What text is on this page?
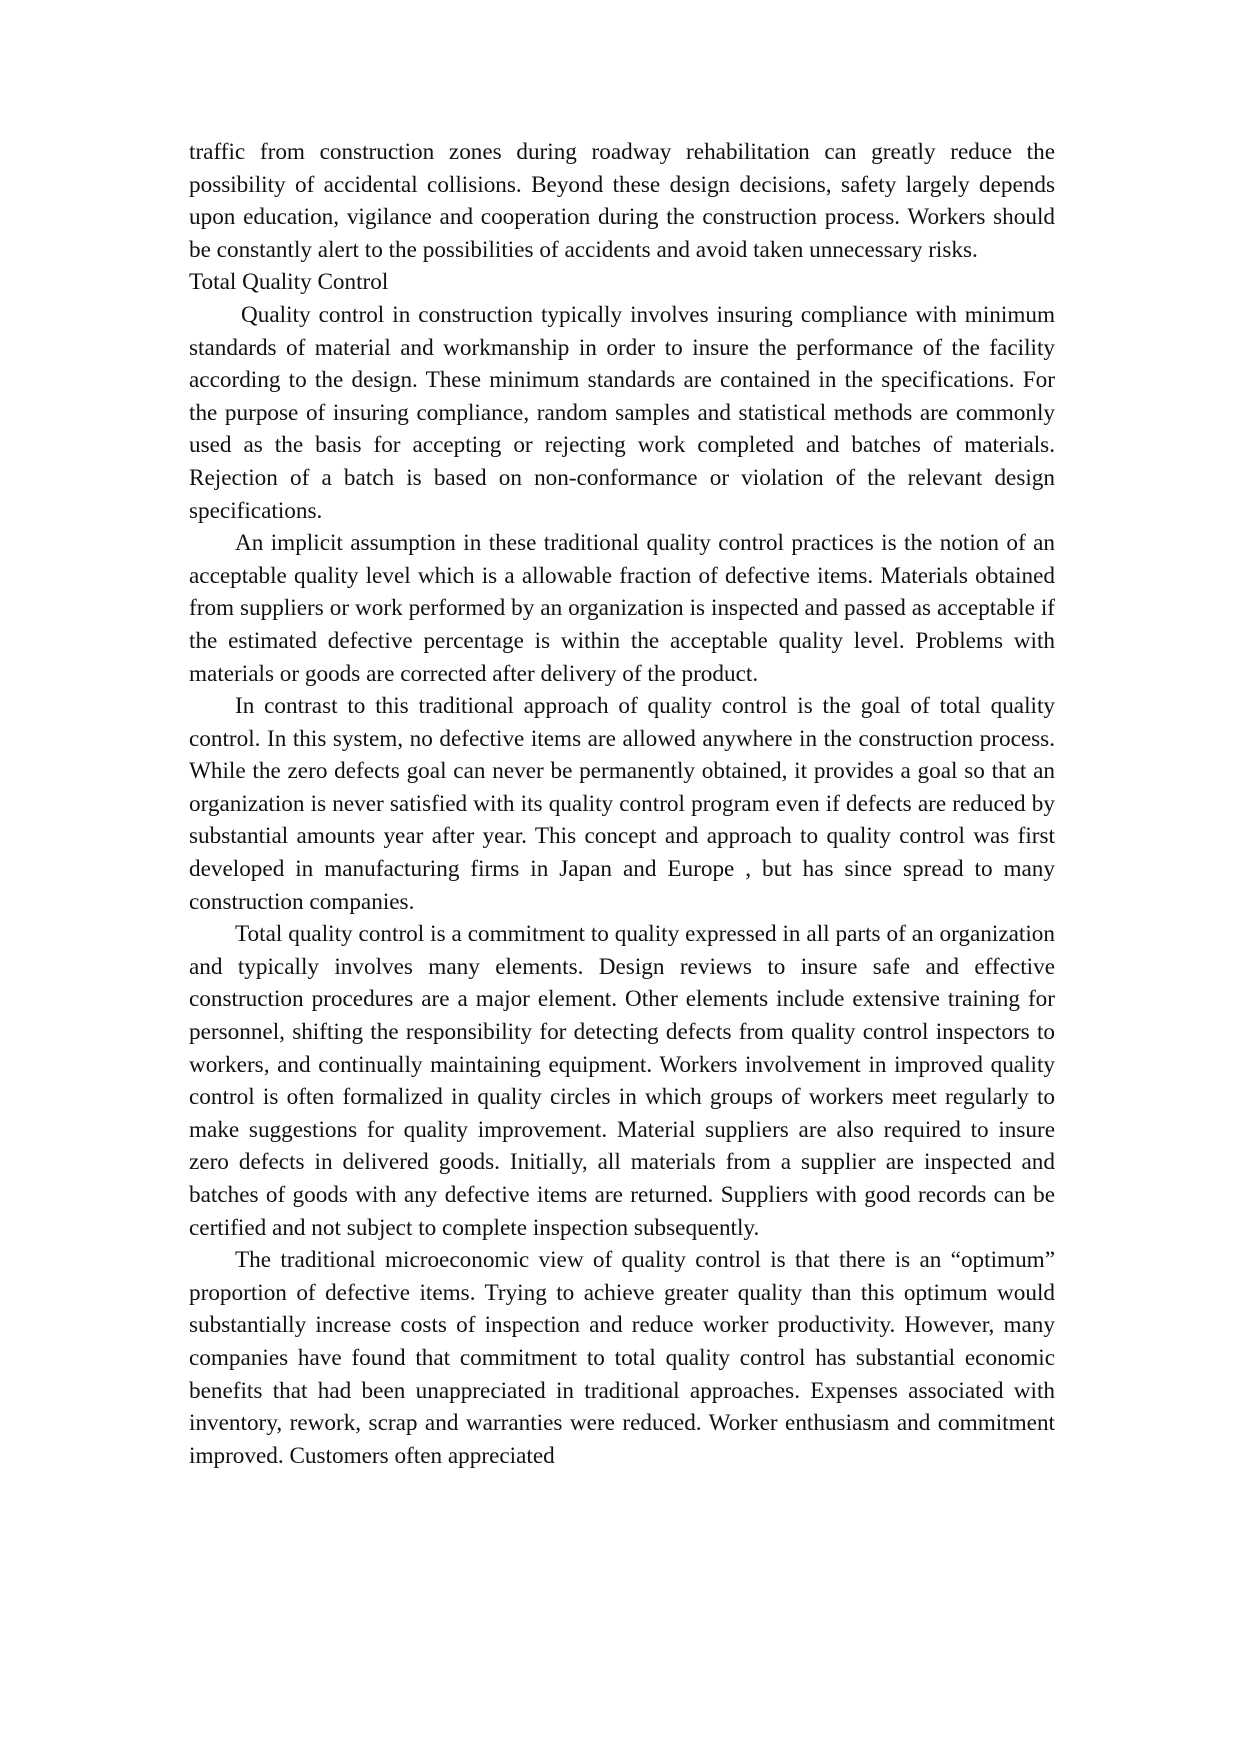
traffic from construction zones during roadway rehabilitation can greatly reduce the possibility of accidental collisions. Beyond these design decisions, safety largely depends upon education, vigilance and cooperation during the construction process. Workers should be constantly alert to the possibilities of accidents and avoid taken unnecessary risks.

Total Quality Control

Quality control in construction typically involves insuring compliance with minimum standards of material and workmanship in order to insure the performance of the facility according to the design. These minimum standards are contained in the specifications. For the purpose of insuring compliance, random samples and statistical methods are commonly used as the basis for accepting or rejecting work completed and batches of materials. Rejection of a batch is based on non-conformance or violation of the relevant design specifications.

An implicit assumption in these traditional quality control practices is the notion of an acceptable quality level which is a allowable fraction of defective items. Materials obtained from suppliers or work performed by an organization is inspected and passed as acceptable if the estimated defective percentage is within the acceptable quality level. Problems with materials or goods are corrected after delivery of the product.

In contrast to this traditional approach of quality control is the goal of total quality control. In this system, no defective items are allowed anywhere in the construction process. While the zero defects goal can never be permanently obtained, it provides a goal so that an organization is never satisfied with its quality control program even if defects are reduced by substantial amounts year after year. This concept and approach to quality control was first developed in manufacturing firms in Japan and Europe , but has since spread to many construction companies.

Total quality control is a commitment to quality expressed in all parts of an organization and typically involves many elements. Design reviews to insure safe and effective construction procedures are a major element. Other elements include extensive training for personnel, shifting the responsibility for detecting defects from quality control inspectors to workers, and continually maintaining equipment. Workers involvement in improved quality control is often formalized in quality circles in which groups of workers meet regularly to make suggestions for quality improvement. Material suppliers are also required to insure zero defects in delivered goods. Initially, all materials from a supplier are inspected and batches of goods with any defective items are returned. Suppliers with good records can be certified and not subject to complete inspection subsequently.

The traditional microeconomic view of quality control is that there is an “optimum” proportion of defective items. Trying to achieve greater quality than this optimum would substantially increase costs of inspection and reduce worker productivity. However, many companies have found that commitment to total quality control has substantial economic benefits that had been unappreciated in traditional approaches. Expenses associated with inventory, rework, scrap and warranties were reduced. Worker enthusiasm and commitment improved. Customers often appreciated
